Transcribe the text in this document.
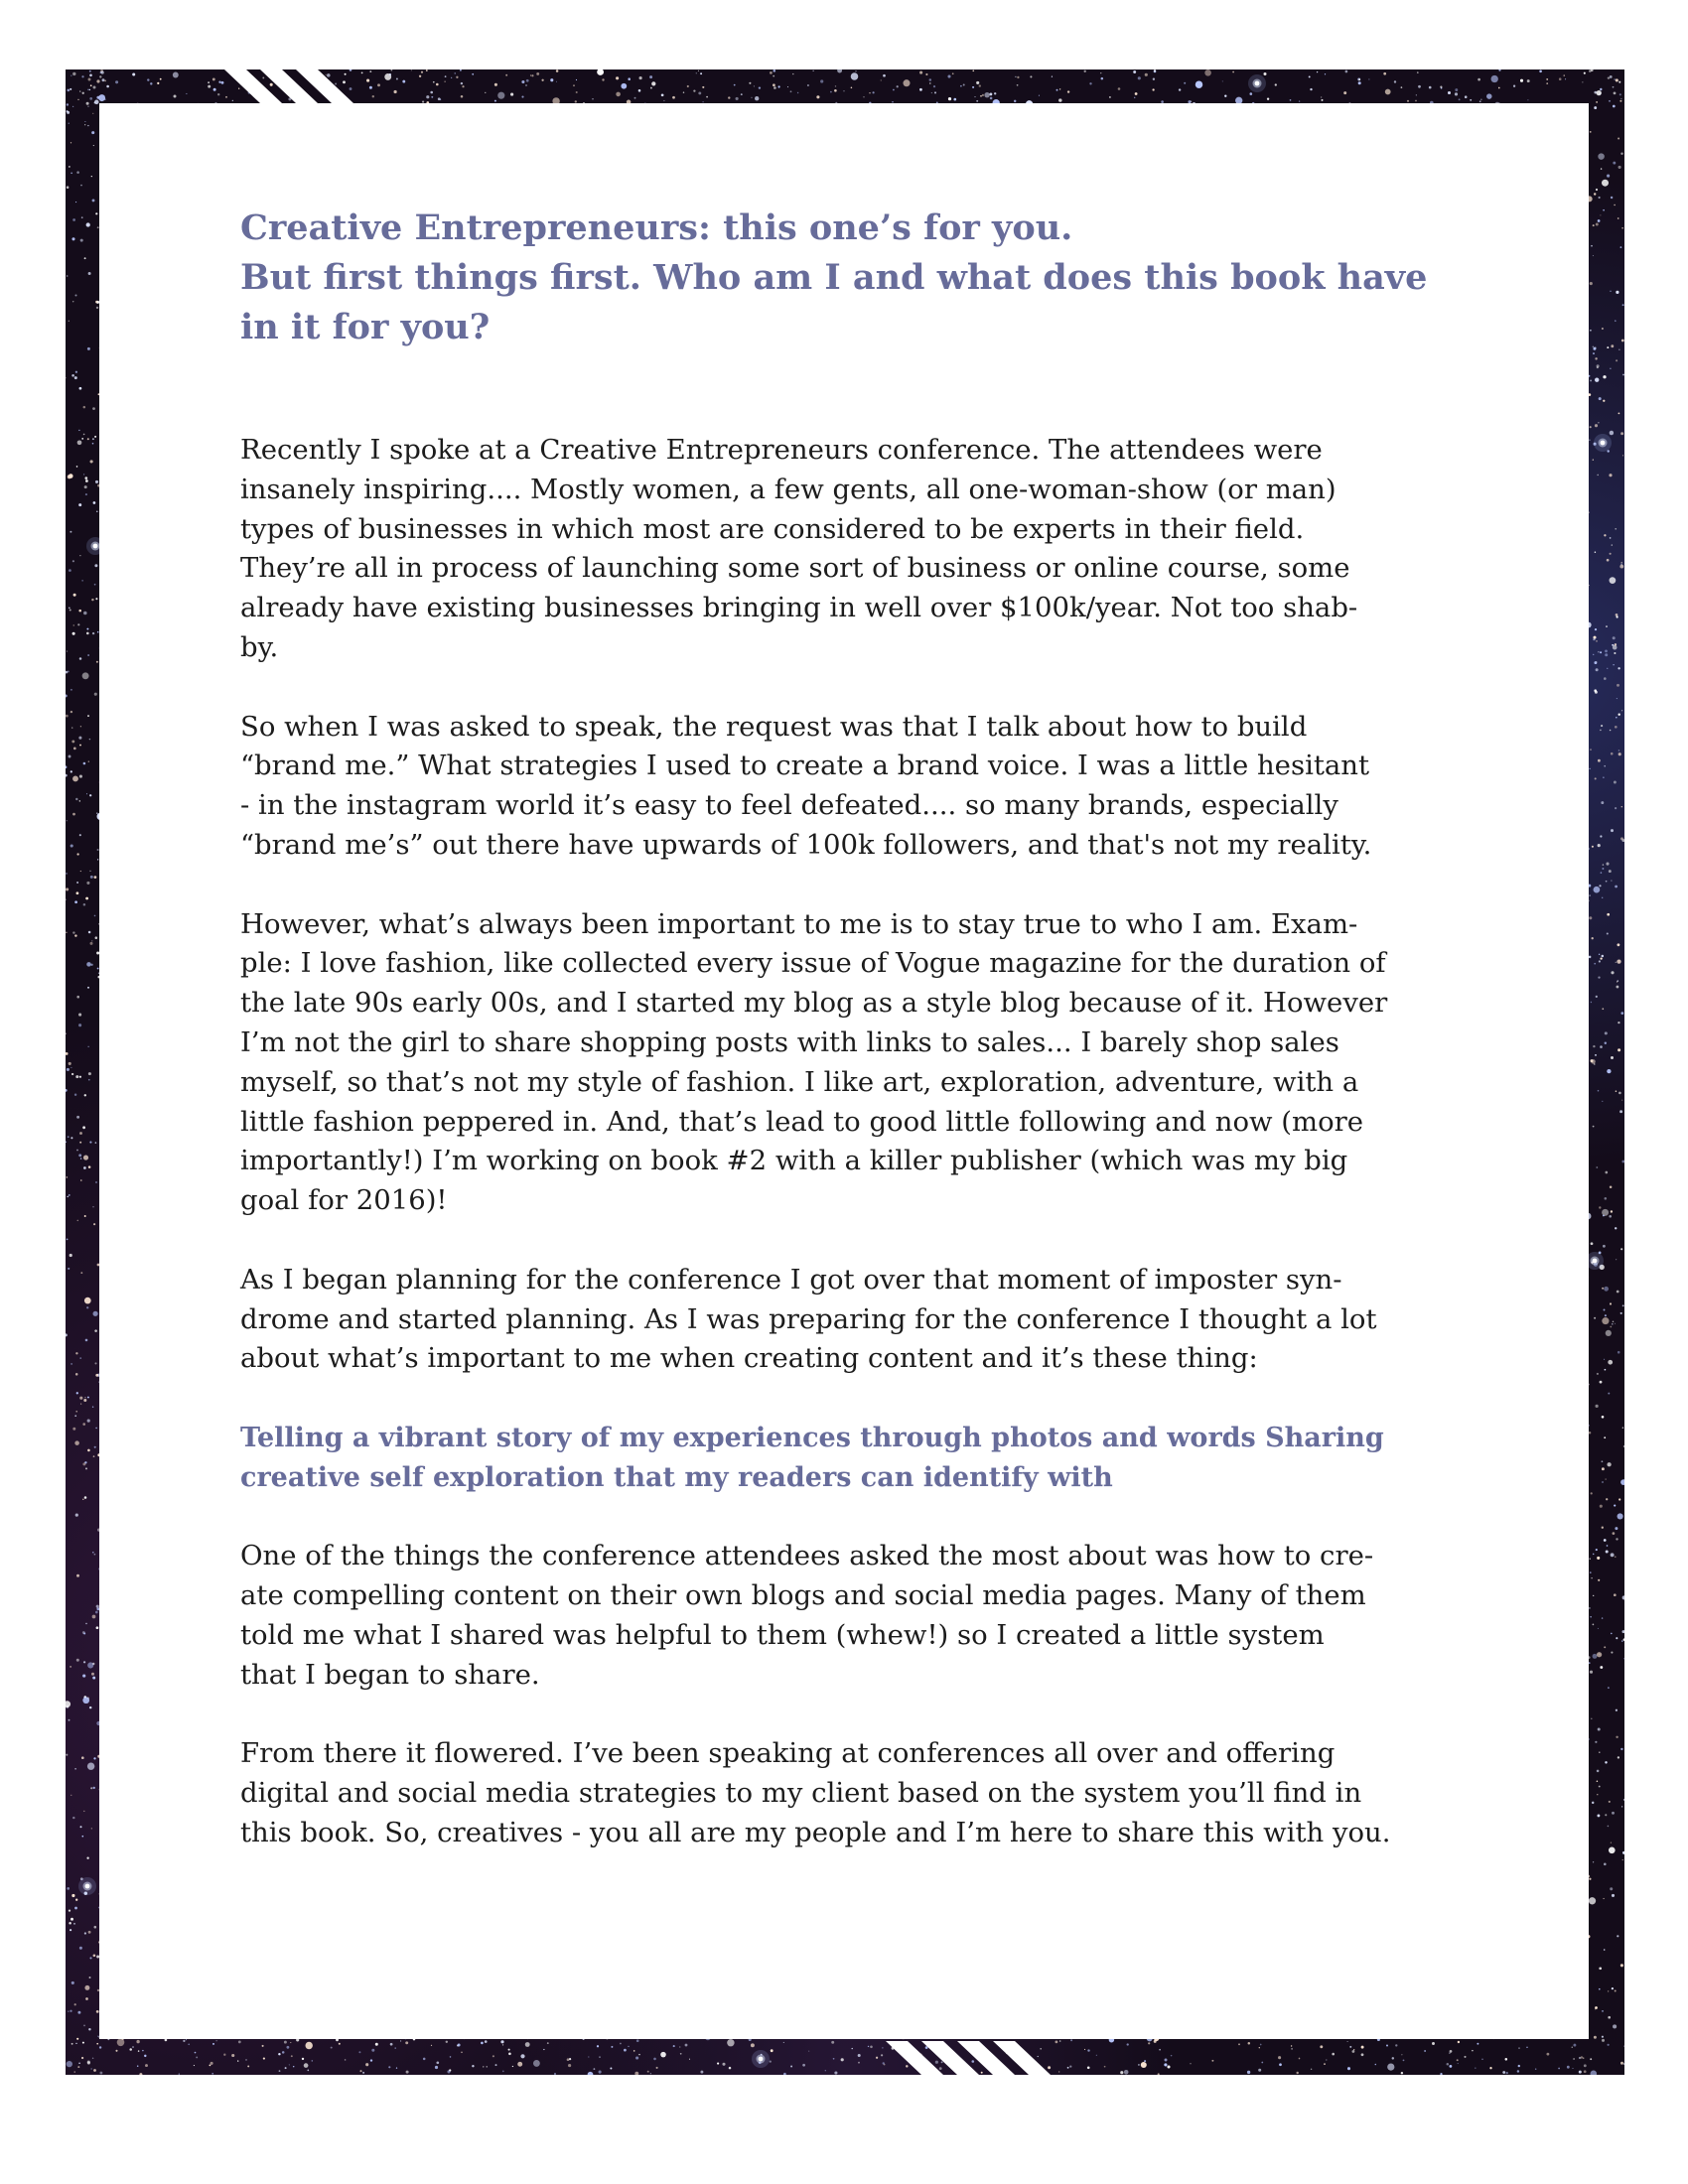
Creative Entrepreneurs: this one’s for you.
But first things first. Who am I and what does this book have
in it for you?

Recently I spoke at a Creative Entrepreneurs conference. The attendees were
insanely inspiring.... Mostly women, a few gents, all one-woman-show (or man)
types of businesses in which most are considered to be experts in their field.
They’re all in process of launching some sort of business or online course, some
already have existing businesses bringing in well over $100k/year. Not too shab-
by.

So when I was asked to speak, the request was that I talk about how to build
“brand me.” What strategies I used to create a brand voice. I was a little hesitant
- in the instagram world it’s easy to feel defeated.... so many brands, especially
“brand me’s” out there have upwards of 100k followers, and that's not my reality.

However, what’s always been important to me is to stay true to who I am. Exam-
ple: I love fashion, like collected every issue of Vogue magazine for the duration of
the late 90s early 00s, and I started my blog as a style blog because of it. However
I’m not the girl to share shopping posts with links to sales... I barely shop sales
myself, so that’s not my style of fashion. I like art, exploration, adventure, with a
little fashion peppered in. And, that’s lead to good little following and now (more
importantly!) I’m working on book #2 with a killer publisher (which was my big
goal for 2016)!

As I began planning for the conference I got over that moment of imposter syn-
drome and started planning. As I was preparing for the conference I thought a lot
about what’s important to me when creating content and it’s these thing:

Telling a vibrant story of my experiences through photos and words Sharing
creative self exploration that my readers can identify with

One of the things the conference attendees asked the most about was how to cre-
ate compelling content on their own blogs and social media pages. Many of them
told me what I shared was helpful to them (whew!) so I created a little system
that I began to share.

From there it flowered. I’ve been speaking at conferences all over and offering
digital and social media strategies to my client based on the system you’ll find in
this book. So, creatives - you all are my people and I’m here to share this with you.
